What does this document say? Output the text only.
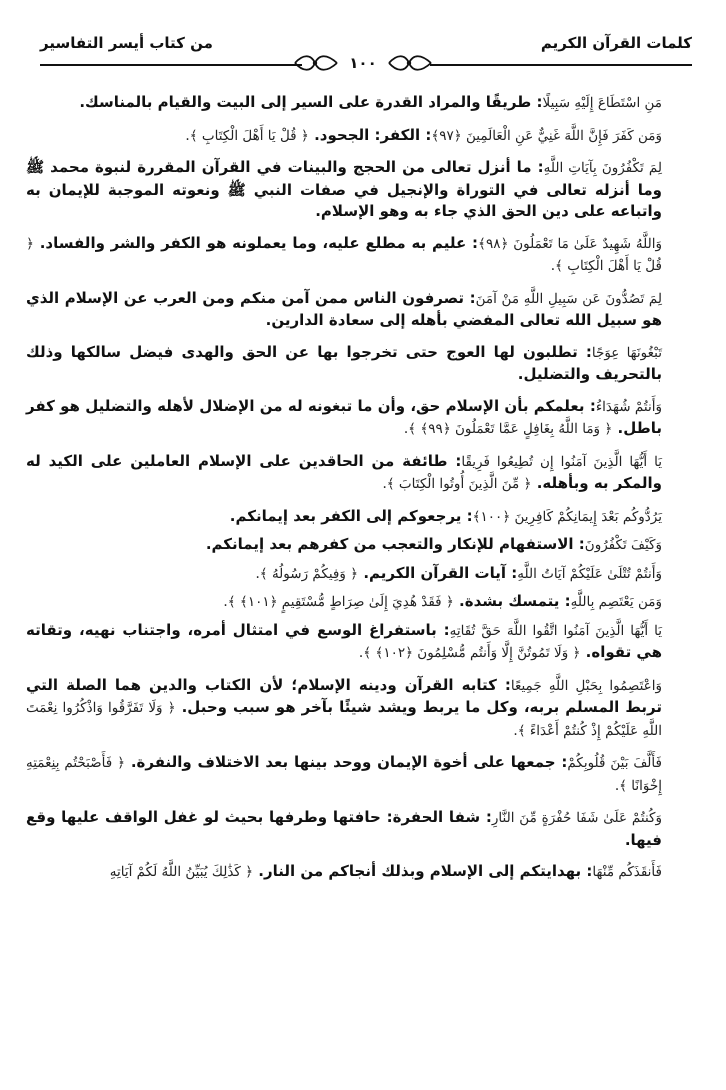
كلمات القرآن الكريم
من كتاب أيسر التفاسير
١٠٠

مَنِ اسْتَطَاعَ إِلَيْهِ سَبِيلًا: طريقًا والمراد القدرة على السير إلى البيت والقيام بالمناسك.

وَمَن كَفَرَ فَإِنَّ اللَّهَ غَنِيٌّ عَنِ الْعَالَمِينَ ﴿٩٧﴾: الكفر: الجحود. ﴿ قُلْ يَا أَهْلَ الْكِتَابِ ﴾.

لِمَ تَكْفُرُونَ بِآيَاتِ اللَّهِ: ما أنزل تعالى من الحجج والبينات في القرآن المقررة لنبوة محمد ﷺ وما أنزله تعالى في التوراة والإنجيل في صفات النبي ﷺ ونعوته الموجبة للإيمان به واتباعه على دين الحق الذي جاء به وهو الإسلام.

وَاللَّهُ شَهِيدٌ عَلَىٰ مَا تَعْمَلُونَ ﴿٩٨﴾: عليم به مطلع عليه، وما يعملونه هو الكفر والشر والفساد. ﴿ قُلْ يَا أَهْلَ الْكِتَابِ ﴾.

لِمَ تَصُدُّونَ عَن سَبِيلِ اللَّهِ مَنْ آمَنَ: تصرفون الناس ممن آمن منكم ومن العرب عن الإسلام الذي هو سبيل الله تعالى المفضي بأهله إلى سعادة الدارين.

تَبْغُونَهَا عِوَجًا: تطلبون لها العوج حتى تخرجوا بها عن الحق والهدى فيضل سالكها وذلك بالتحريف والتضليل.

وَأَنتُمْ شُهَدَاءُ: بعلمكم بأن الإسلام حق، وأن ما تبغونه له من الإضلال لأهله والتضليل هو كفر باطل. ﴿ وَمَا اللَّهُ بِغَافِلٍ عَمَّا تَعْمَلُونَ ﴿٩٩﴾ ﴾.

يَا أَيُّهَا الَّذِينَ آمَنُوا إِن تُطِيعُوا فَرِيقًا: طائفة من الحاقدين على الإسلام العاملين على الكيد له والمكر به وبأهله. ﴿ مِّنَ الَّذِينَ أُوتُوا الْكِتَابَ ﴾.

يَرُدُّوكُم بَعْدَ إِيمَانِكُمْ كَافِرِينَ ﴿١٠٠﴾: يرجعوكم إلى الكفر بعد إيمانكم.

وَكَيْفَ تَكْفُرُونَ: الاستفهام للإنكار والتعجب من كفرهم بعد إيمانكم.

وَأَنتُمْ تُتْلَىٰ عَلَيْكُمْ آيَاتُ اللَّهِ: آيات القرآن الكريم. ﴿ وَفِيكُمْ رَسُولُهُ ﴾.

وَمَن يَعْتَصِم بِاللَّهِ: يتمسك بشدة. ﴿ فَقَدْ هُدِيَ إِلَىٰ صِرَاطٍ مُّسْتَقِيمٍ ﴿١٠١﴾ ﴾.

يَا أَيُّهَا الَّذِينَ آمَنُوا اتَّقُوا اللَّهَ حَقَّ تُقَاتِهِ: باستفراغ الوسع في امتثال أمره، واجتناب نهيه، وتقاته هي تقواه. ﴿ وَلَا تَمُوتُنَّ إِلَّا وَأَنتُم مُّسْلِمُونَ ﴿١٠٢﴾ ﴾.

وَاعْتَصِمُوا بِحَبْلِ اللَّهِ جَمِيعًا: كتابه القرآن ودينه الإسلام؛ لأن الكتاب والدين هما الصلة التي تربط المسلم بربه، وكل ما يربط ويشد شيئًا بآخر هو سبب وحبل. ﴿ وَلَا تَفَرَّقُوا وَاذْكُرُوا نِعْمَتَ اللَّهِ عَلَيْكُمْ إِذْ كُنتُمْ أَعْدَاءً ﴾.

فَأَلَّفَ بَيْنَ قُلُوبِكُمْ: جمعها على أخوة الإيمان ووحد بينها بعد الاختلاف والنفرة. ﴿ فَأَصْبَحْتُم بِنِعْمَتِهِ إِخْوَانًا ﴾.

وَكُنتُمْ عَلَىٰ شَفَا حُفْرَةٍ مِّنَ النَّارِ: شفا الحفرة: حافتها وطرفها بحيث لو غفل الواقف عليها وقع فيها.

فَأَنقَذَكُم مِّنْهَا: بهدايتكم إلى الإسلام وبذلك أنجاكم من النار. ﴿ كَذَٰلِكَ يُبَيِّنُ اللَّهُ لَكُمْ آيَاتِهِ
